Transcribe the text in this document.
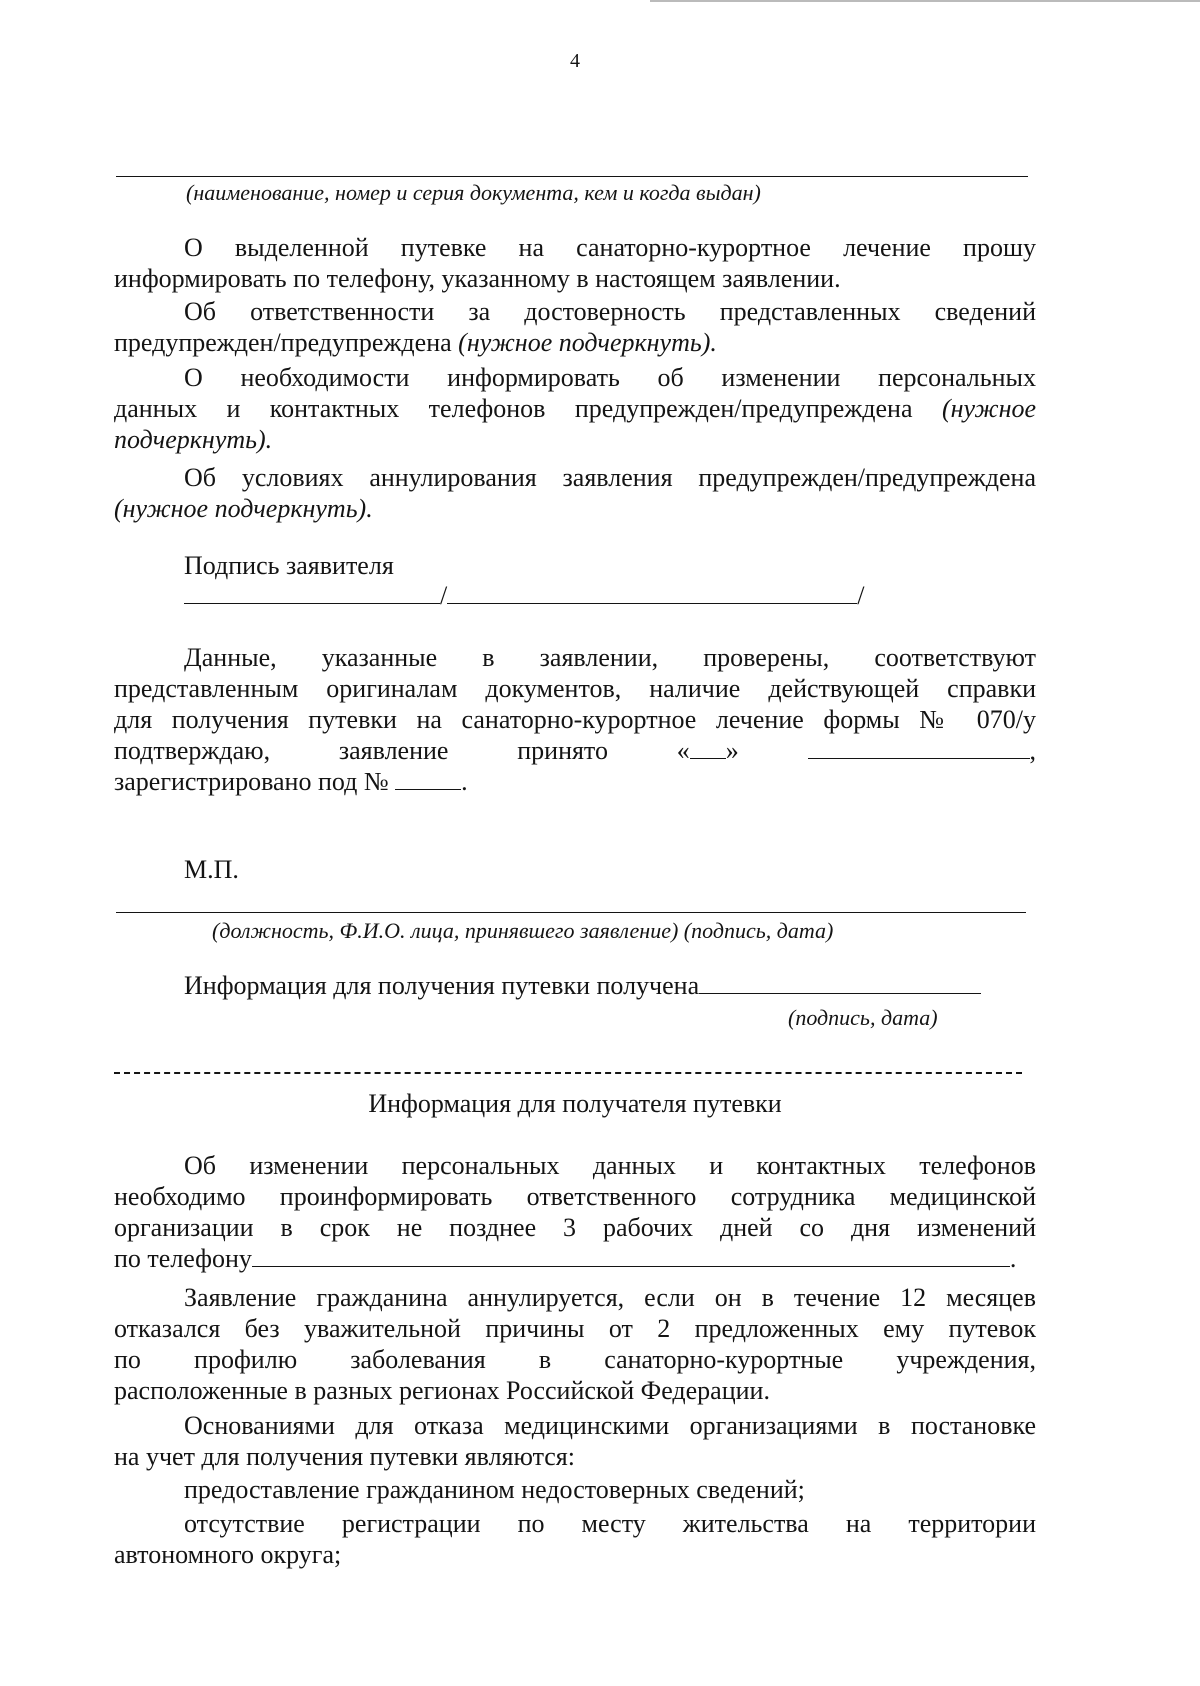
4
(наименование, номер и серия документа, кем и когда выдан)
О выделенной путевке на санаторно-курортное лечение прошу
информировать по телефону, указанному в настоящем заявлении.
Об ответственности за достоверность представленных сведений
предупрежден/предупреждена (нужное подчеркнуть).
О необходимости информировать об изменении персональных
данных и контактных телефонов предупрежден/предупреждена (нужное
подчеркнуть).
Об условиях аннулирования заявления предупрежден/предупреждена
(нужное подчеркнуть).
Подпись заявителя
/	/
Данные, указанные в заявлении, проверены, соответствуют
представленным оригиналам документов, наличие действующей справки
для получения путевки на санаторно-курортное лечение формы № 070/у
подтверждаю,	заявление	принято	« »	,
зарегистрировано под №	.
М.П.
(должность, Ф.И.О. лица, принявшего заявление) (подпись, дата)
Информация для получения путевки получена
(подпись, дата)
Информация для получателя путевки
Об изменении персональных данных и контактных телефонов
необходимо проинформировать ответственного сотрудника медицинской
организации в срок не позднее 3 рабочих дней со дня изменений
по телефону	.
Заявление гражданина аннулируется, если он в течение 12 месяцев
отказался без уважительной причины от 2 предложенных ему путевок
по профилю заболевания в санаторно-курортные учреждения,
расположенные в разных регионах Российской Федерации.
Основаниями для отказа медицинскими организациями в постановке
на учет для получения путевки являются:
предоставление гражданином недостоверных сведений;
отсутствие регистрации по месту жительства на территории
автономного округа;
